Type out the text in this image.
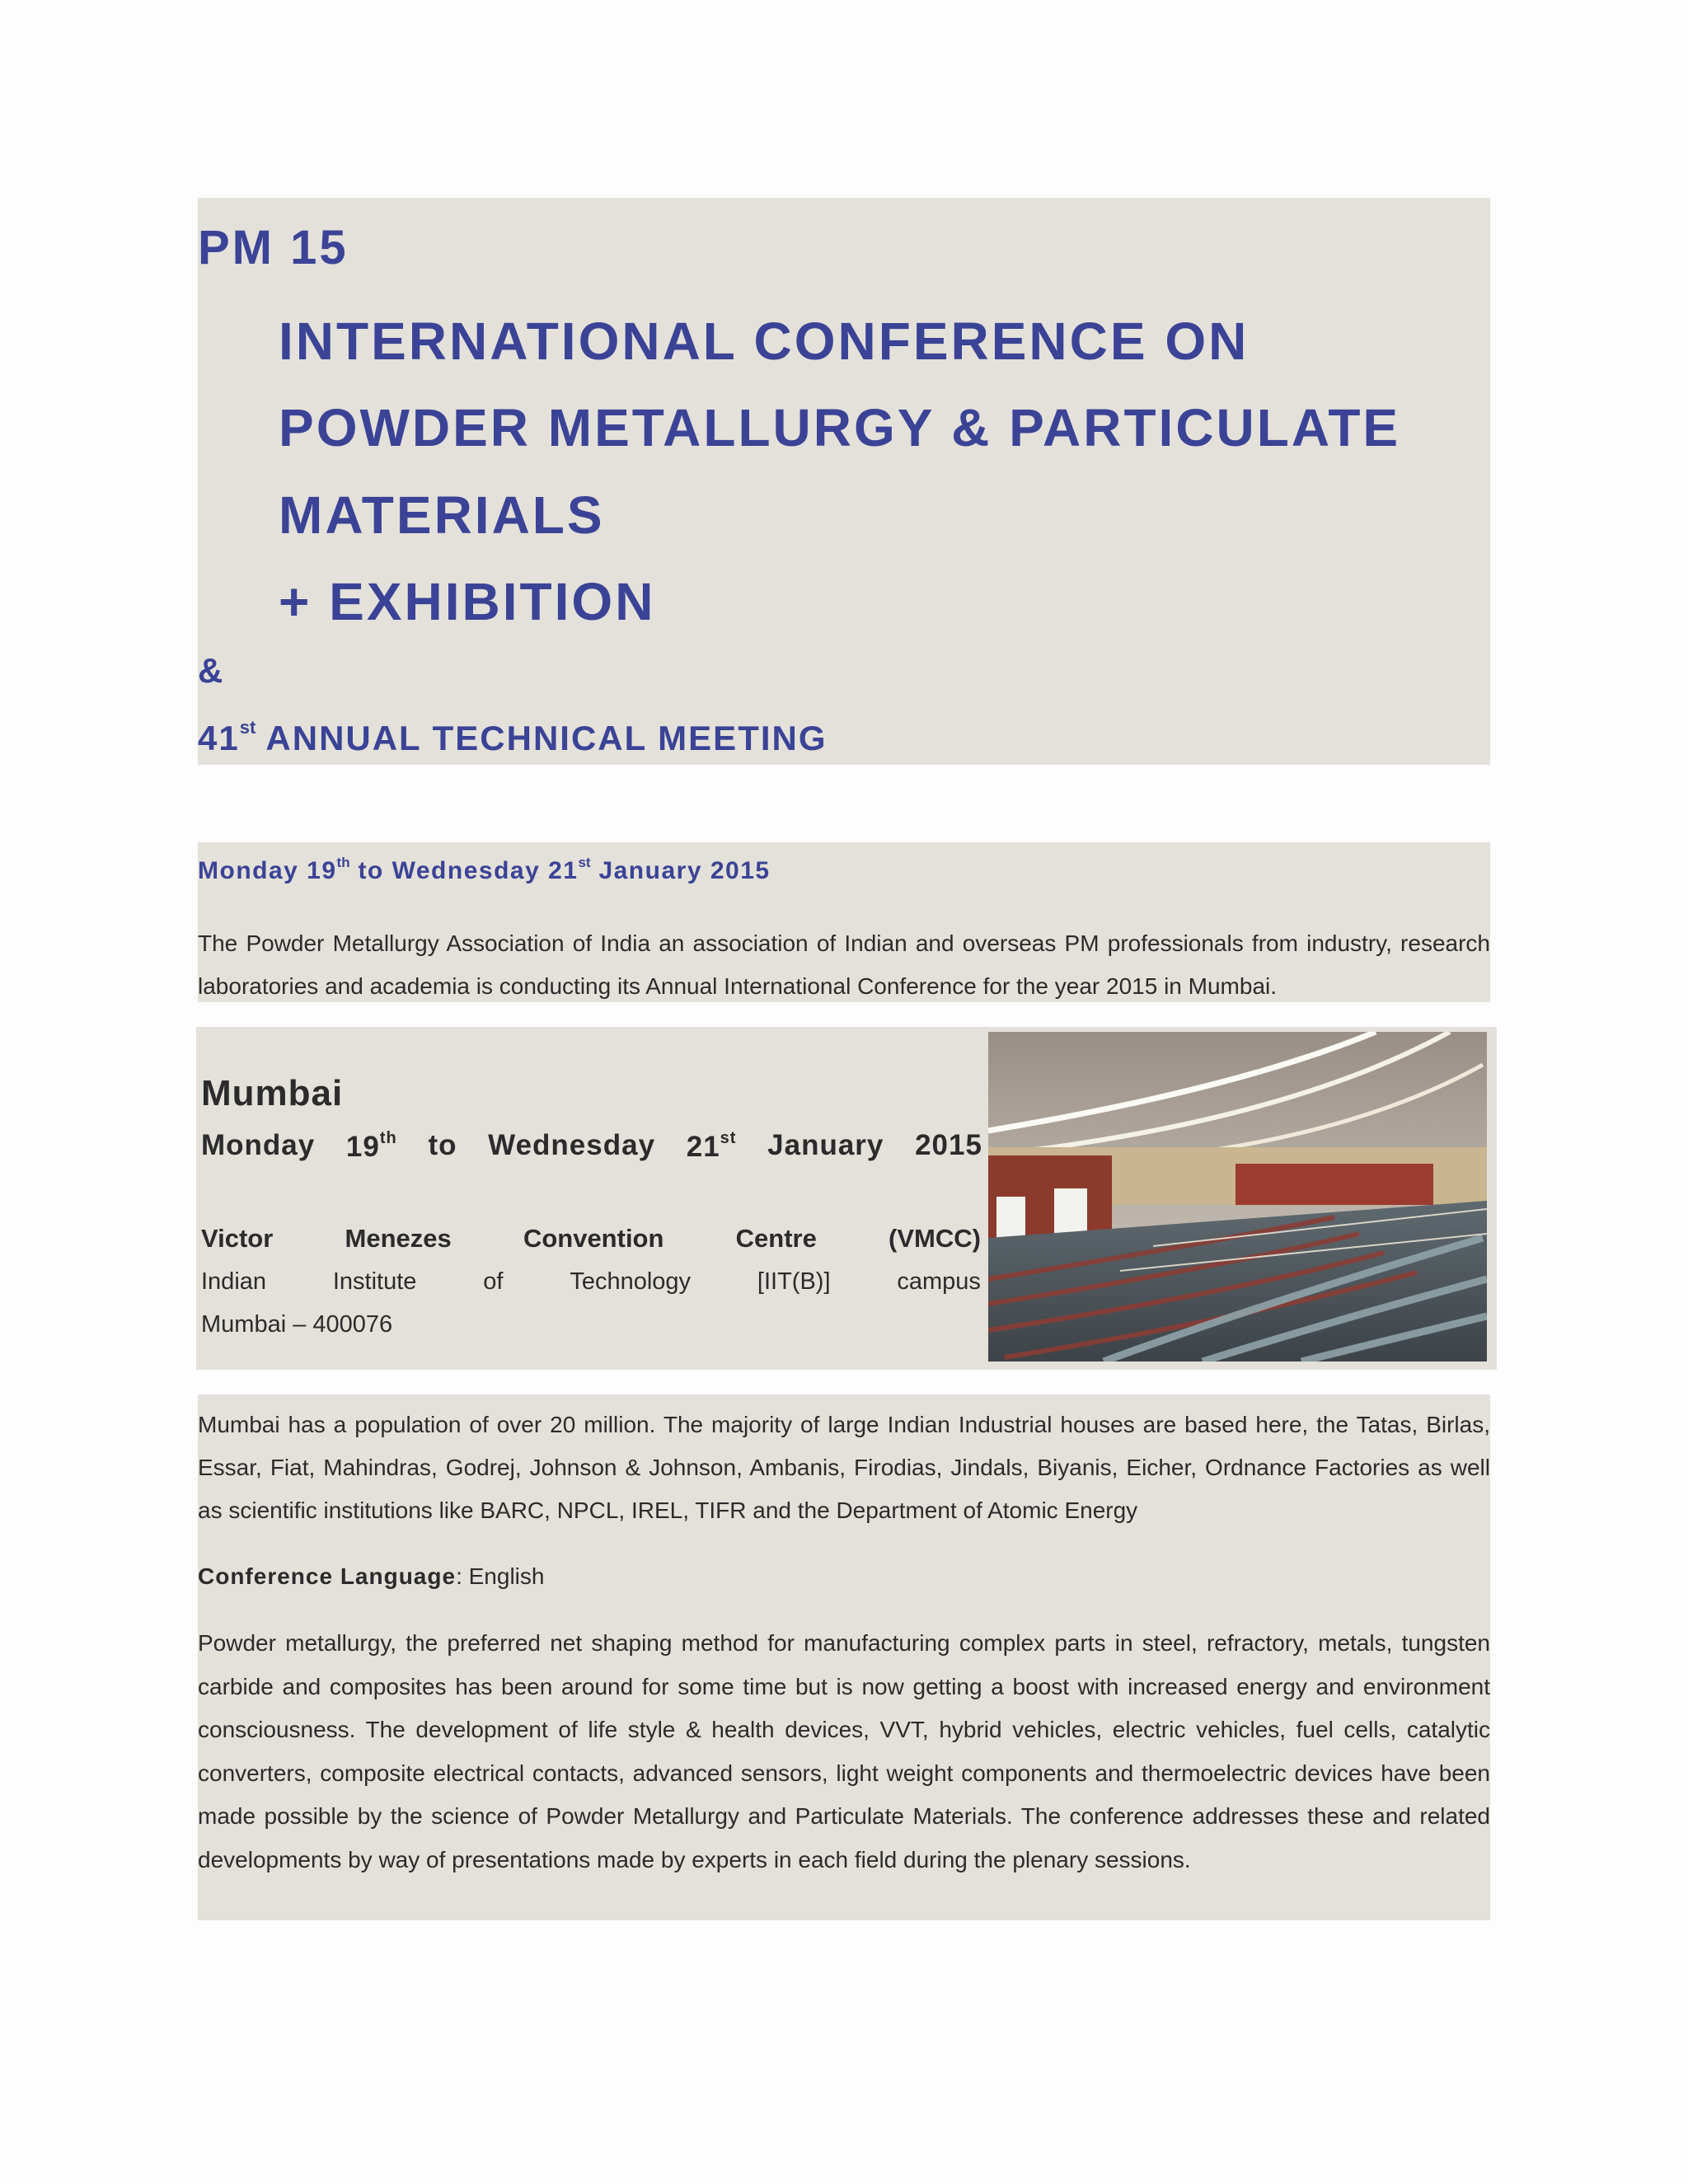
PM 15
INTERNATIONAL CONFERENCE ON
POWDER METALLURGY & PARTICULATE
MATERIALS
+ EXHIBITION
&
41st ANNUAL TECHNICAL MEETING
Monday 19th to Wednesday 21st January 2015

The Powder Metallurgy Association of India an association of Indian and overseas PM professionals from industry, research laboratories and academia is conducting its Annual International Conference for the year 2015 in Mumbai.

Mumbai
Monday 19th to Wednesday 21st January 2015
Victor	Menezes	Convention	Centre	(VMCC)
Indian	Institute	of	Technology	[IIT(B)]	campus
Mumbai – 400076

Mumbai has a population of over 20 million. The majority of large Indian Industrial houses are based here, the Tatas, Birlas, Essar, Fiat, Mahindras, Godrej, Johnson & Johnson, Ambanis, Firodias, Jindals, Biyanis, Eicher, Ordnance Factories as well as scientific institutions like BARC, NPCL, IREL, TIFR and the Department of Atomic Energy

Conference Language: English

Powder metallurgy, the preferred net shaping method for manufacturing complex parts in steel, refractory, metals, tungsten carbide and composites has been around for some time but is now getting a boost with increased energy and environment consciousness. The development of life style & health devices, VVT, hybrid vehicles, electric vehicles, fuel cells, catalytic converters, composite electrical contacts, advanced sensors, light weight components and thermoelectric devices have been made possible by the science of Powder Metallurgy and Particulate Materials. The conference addresses these and related developments by way of presentations made by experts in each field during the plenary sessions.
